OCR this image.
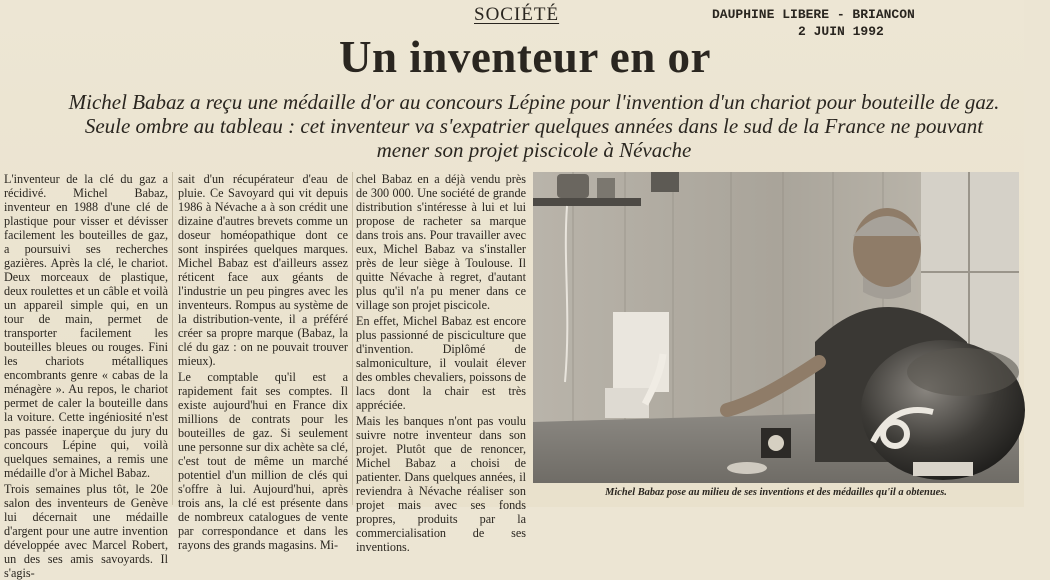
SOCIÉTÉ	DAUPHINE LIBERE - BRIANCON
2 JUIN 1992
Un inventeur en or
Michel Babaz a reçu une médaille d'or au concours Lépine pour l'invention d'un chariot pour bouteille de gaz. Seule ombre au tableau : cet inventeur va s'expatrier quelques années dans le sud de la France ne pouvant mener son projet piscicole à Névache

L'inventeur de la clé du gaz a récidivé. Michel Babaz, inventeur en 1988 d'une clé de plastique pour visser et dévisser facilement les bouteilles de gaz, a poursuivi ses recherches gazières. Après la clé, le chariot. Deux morceaux de plastique, deux roulettes et un câble et voilà un appareil simple qui, en un tour de main, permet de transporter facilement les bouteilles bleues ou rouges. Fini les chariots métalliques encombrants genre « cabas de la ménagère ». Au repos, le chariot permet de caler la bouteille dans la voiture. Cette ingéniosité n'est pas passée inaperçue du jury du concours Lépine qui, voilà quelques semaines, a remis une médaille d'or à Michel Babaz.

Trois semaines plus tôt, le 20e salon des inventeurs de Genève lui décernait une médaille d'argent pour une autre invention développée avec Marcel Robert, un des ses amis savoyards. Il s'agis-

sait d'un récupérateur d'eau de pluie. Ce Savoyard qui vit depuis 1986 à Névache a à son crédit une dizaine d'autres brevets comme un doseur homéopathique dont ce sont inspirées quelques marques. Michel Babaz est d'ailleurs assez réticent face aux géants de l'industrie un peu pingres avec les inventeurs. Rompus au système de la distribution-vente, il a préféré créer sa propre marque (Babaz, la clé du gaz : on ne pouvait trouver mieux).

Le comptable qu'il est a rapidement fait ses comptes. Il existe aujourd'hui en France dix millions de contrats pour les bouteilles de gaz. Si seulement une personne sur dix achète sa clé, c'est tout de même un marché potentiel d'un million de clés qui s'offre à lui. Aujourd'hui, après trois ans, la clé est présente dans de nombreux catalogues de vente par correspondance et dans les rayons des grands magasins. Mi-

chel Babaz en a déjà vendu près de 300 000. Une société de grande distribution s'intéresse à lui et lui propose de racheter sa marque dans trois ans. Pour travailler avec eux, Michel Babaz va s'installer près de leur siège à Toulouse. Il quitte Névache à regret, d'autant plus qu'il n'a pu mener dans ce village son projet piscicole.

En effet, Michel Babaz est encore plus passionné de pisciculture que d'invention. Diplômé de salmoniculture, il voulait élever des ombles chevaliers, poissons de lacs dont la chair est très appréciée.

Mais les banques n'ont pas voulu suivre notre inventeur dans son projet. Plutôt que de renoncer, Michel Babaz a choisi de patienter. Dans quelques années, il reviendra à Névache réaliser son projet mais avec ses fonds propres, produits par la commercialisation de ses inventions.

Michel Babaz pose au milieu de ses inventions et des médailles qu'il a obtenues.
